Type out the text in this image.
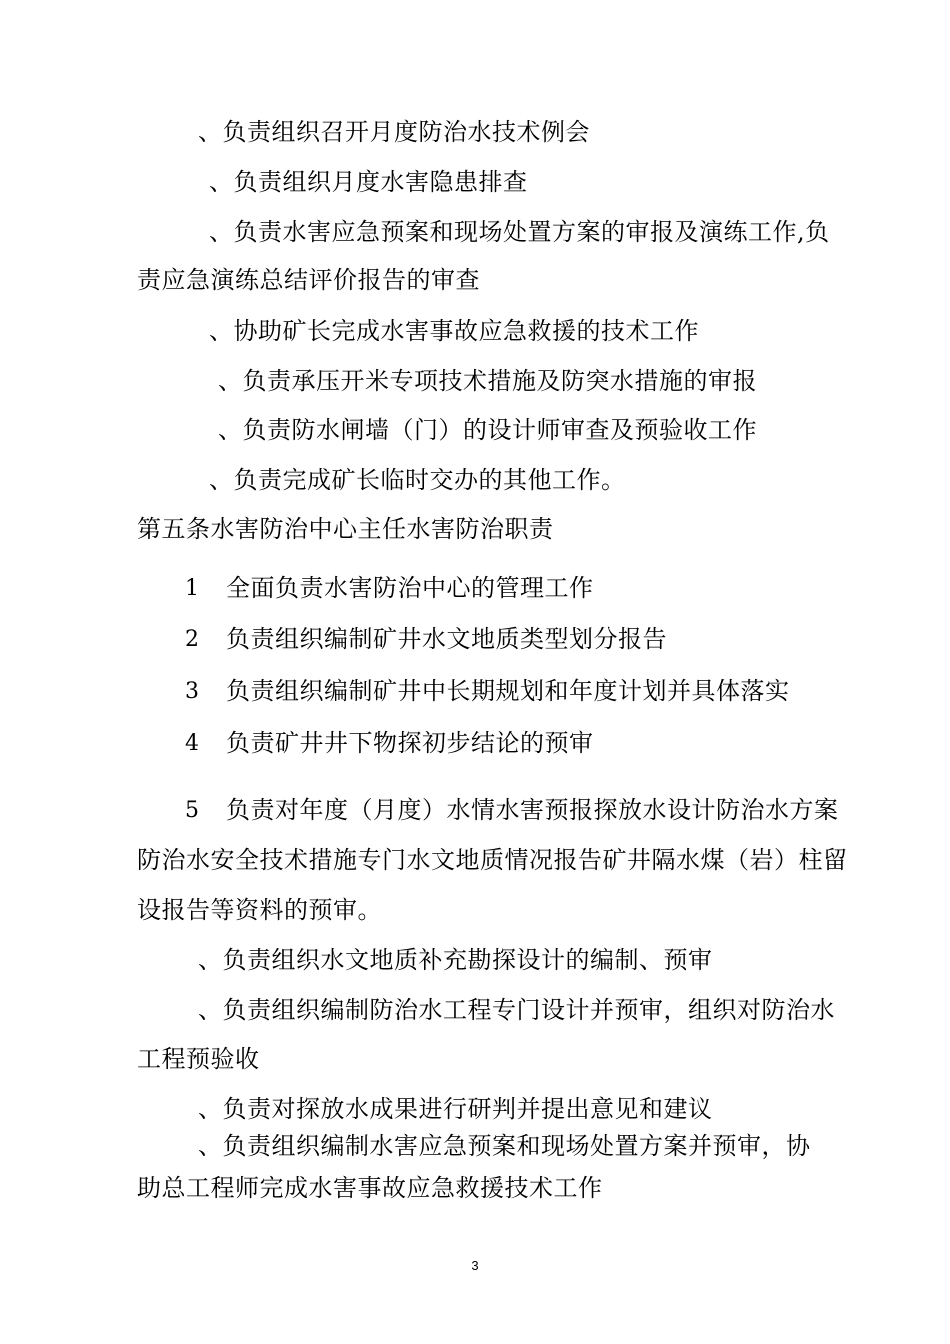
、负责组织召开月度防治水技术例会
、负责组织月度水害隐患排查
、负责水害应急预案和现场处置方案的审报及演练工作,负
责应急演练总结评价报告的审查
、协助矿长完成水害事故应急救援的技术工作
、负责承压开米专项技术措施及防突水措施的审报
、负责防水闸墙（门）的设计师审查及预验收工作
、负责完成矿长临时交办的其他工作。
第五条水害防治中心主任水害防治职责
1 全面负责水害防治中心的管理工作
2 负责组织编制矿井水文地质类型划分报告
3 负责组织编制矿井中长期规划和年度计划并具体落实
4 负责矿井井下物探初步结论的预审
5 负责对年度（月度）水情水害预报探放水设计防治水方案
防治水安全技术措施专门水文地质情况报告矿井隔水煤（岩）柱留
设报告等资料的预审。
、负责组织水文地质补充勘探设计的编制、预审
、负责组织编制防治水工程专门设计并预审，组织对防治水
工程预验收
、负责对探放水成果进行研判并提出意见和建议
、负责组织编制水害应急预案和现场处置方案并预审，协
助总工程师完成水害事故应急救援技术工作
3
